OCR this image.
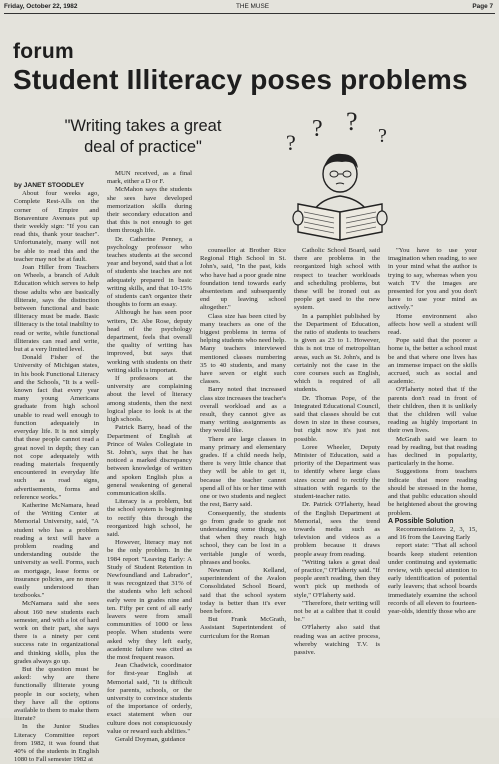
Friday, October 22, 1982	THE MUSE	Page 7
forum
Student Illiteracy poses problems
"Writing takes a great deal of practice"	?
? ? ?

by JANET STOODLEY

About four weeks ago, Complete Rest-Alls on the corner of Empire and Bonaventure Avenues put up their weekly sign: "If you can read this, thank your teacher". Unfortunately, many will not be able to read this and the teacher may not be at fault.

Joan Hiller from Teachers on Wheels, a branch of Adult Education which serves to help those adults who are basically illiterate, says the distinction between functional and basic illiteracy must be made. Basic illiteracy is the total inability to read or write, while functional illiterates can read and write, but at a very limited level.

Donald Fisher of the University of Michigan states, in his book Functional Literacy and the Schools, "It is a well-known fact that every year many young Americans graduate from high school unable to read well enough to function adequately in everyday life. It is not simply that these people cannot read a great novel in depth; they can not cope adequately with reading materials frequently encountered in everyday life such as road signs, advertisements, forms and reference works."

Katherine McNamara, head of the Writing Center at Memorial University, said, "A student who has a problem reading a text will have a problem reading and understanding outside the university as well. Forms, such as mortgage, lease forms or insurance policies, are no more easily understood than textbooks."

McNamara said she sees about 160 new students each semester, and with a lot of hard work on their part, she says there is a ninety per cent success rate in organizational and thinking skills, plus the grades always go up.

But the question must be asked: why are there functionally illiterate young people in our society, when they have all the options available to them to make them literate?

In the Junior Studies Literacy Committee report from 1982, it was found that 40% of the students in English 1080 to Fall semester 1982 at

MUN received, as a final mark, either a D or F.

McMahon says the students she sees have developed memorization skills during their secondary education and that this is not enough to get them through life.

Dr. Catherine Penney, a psychology professor who teaches students at the second year and beyond, said that a lot of students she teaches are not adequately prepared in basic writing skills, and that 10-15% of students can't organize their thoughts to form an essay.

Although he has seen poor writers, Dr. Abe Rose, deputy head of the psychology department, feels that overall the quality of writing has improved, but says that working with students on their writing skills is important.

If professors at the university are complaining about the level of literacy among students, then the next logical place to look is at the high schools.

Patrick Barry, head of the Department of English at Prince of Wales Collegiate in St. John's, says that he has noticed a marked discrepancy between knowledge of written and spoken English plus a general weakening of general communication skills.

Literacy is a problem, but the school system is beginning to rectify this through the reorganized high school, he said.

However, literacy may not be the only problem. In the 1984 report "Leaving Early: A Study of Student Retention in Newfoundland and Labrador", it was recognized that 31% of the students who left school early were in grades nine and ten. Fifty per cent of all early leavers were from small communities of 1000 or less people. When students were asked why they left early, academic failure was cited as the most frequent reason.

Jean Chadwick, coordinator for first-year English at Memorial said, "It is difficult for parents, schools, or the university to convince students of the importance of orderly, exact statement when our culture does not conspicuously value or reward such abilities."

Gerald Doyman, guidance

counsellor at Brother Rice Regional High School in St. John's, said, "In the past, kids who have had a poor grade nine foundation tend towards early absenteeism and subsequently end up leaving school altogether."

Class size has been cited by many teachers as one of the biggest problems in terms of helping students who need help. Many teachers interviewed mentioned classes numbering 35 to 40 students, and many have seven or eight such classes.

Barry noted that increased class size increases the teacher's overall workload and as a result, they cannot give as many writing assignments as they would like.

There are large classes in many primary and elementary grades. If a child needs help, there is very little chance that they will be able to get it, because the teacher cannot spend all of his or her time with one or two students and neglect the rest, Barry said.

Consequently, the students go from grade to grade not understanding some things, so that when they reach high school, they can be lost in a veritable jungle of words, phrases and books.

Newman Kelland, superintendent of the Avalon Consolidated School Board, said that the school system today is better than it's ever been before.

But Frank McGrath, Assistant Superintendent of curriculum for the Roman

Catholic School Board, said there are problems in the reorganized high school with respect to teacher workloads and scheduling problems, but these will be ironed out as people get used to the new system.

In a pamphlet published by the Department of Education, the ratio of students to teachers is given as 23 to 1. However, this is not true of metropolitan areas, such as St. John's, and is certainly not the case in the core courses such as English, which is required of all students.

Dr. Thomas Pope, of the Integrated Educational Council, said that classes should be cut down in size in these courses, but right now it's just not possible.

Loree Wheeler, Deputy Minister of Education, said a priority of the Department was to identify where large class sizes occur and to rectify the situation with regards to the student-teacher ratio.

Dr. Patrick O'Flaherty, head of the English Department at Memorial, sees the trend towards media such as television and videos as a problem because it draws people away from reading.

"Writing takes a great deal of practice," O'Flaherty said. "If people aren't reading, then they won't pick up methods of style," O'Flaherty said.

"Therefore, their writing will not be at a calibre that it could be."

O'Flaherty also said that reading was an active process, whereby watching T.V. is passive.

"You have to use your imagination when reading, to see in your mind what the author is trying to say, whereas when you watch TV the images are presented for you and you don't have to use your mind as actively."

Home environment also affects how well a student will read.

Pope said that the poorer a home is, the better a school must be and that where one lives has an immense impact on the skills accrued, such as social and academic.

O'Flaherty noted that if the parents don't read in front of their children, then it is unlikely that the children will value reading as highly important in their own lives.

McGrath said we learn to read by reading, but that reading has declined in popularity, particularly in the home.

Suggestions from teachers indicate that more reading should be stressed in the home, and that public education should be heightened about the growing problem.

A Possible Solution

Recommendations 2, 3, 15, and 16 from the Leaving Early

report state: "That all school boards keep student retention under continuing and systematic review, with special attention to early identification of potential early leavers; that school boards immediately examine the school records of all eleven to fourteen-year-olds, identify those who are
